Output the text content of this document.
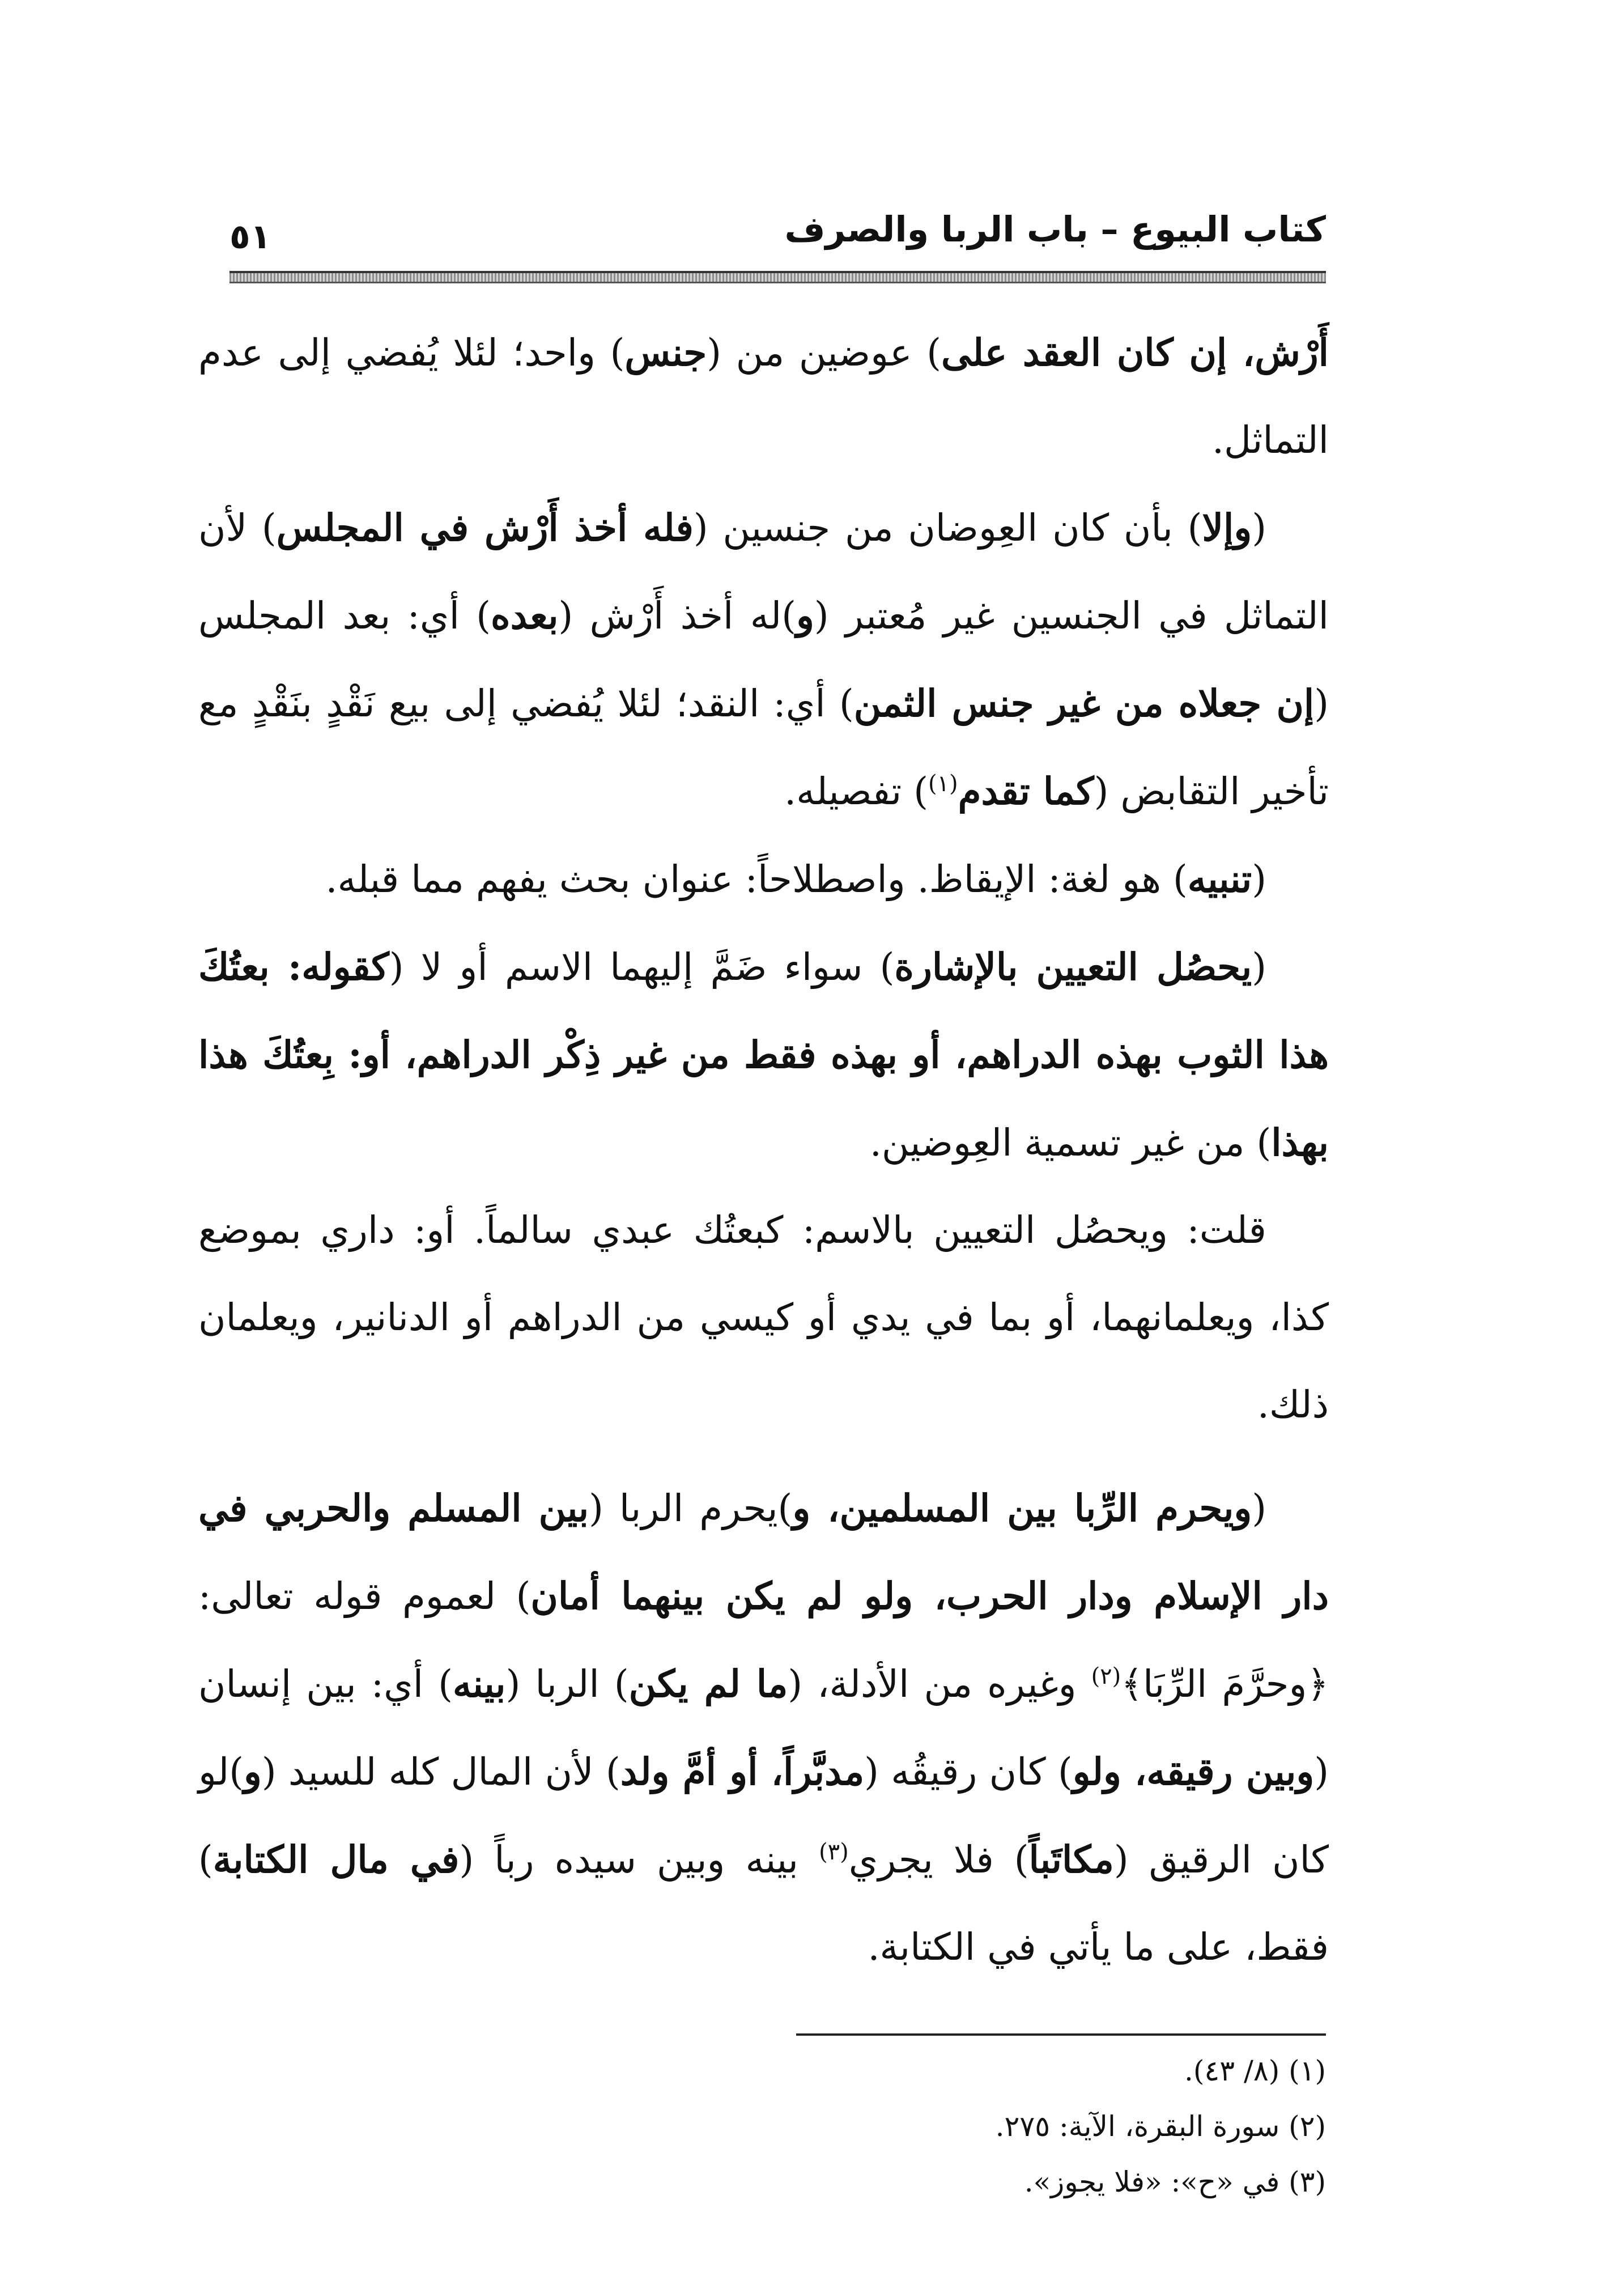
٥١	كتاب البيوع – باب الربا والصرف

أَرْش، إن كان العقد على) عوضين من (جنس) واحد؛ لئلا يُفضي إلى عدم التماثل.

(وإلا) بأن كان العِوضان من جنسين (فله أخذ أَرْش في المجلس) لأن التماثل في الجنسين غير مُعتبر (و)له أخذ أَرْش (بعده) أي: بعد المجلس (إن جعلاه من غير جنس الثمن) أي: النقد؛ لئلا يُفضي إلى بيع نَقْدٍ بنَقْدٍ مع تأخير التقابض (كما تقدم$^{(١)}$) تفصيله.

(تنبيه) هو لغة: الإيقاظ. واصطلاحاً: عنوان بحث يفهم مما قبله.

(يحصُل التعيين بالإشارة) سواء ضَمَّ إليهما الاسم أو لا (كقوله: بعتُكَ هذا الثوب بهذه الدراهم، أو بهذه فقط من غير ذِكْر الدراهم، أو: بِعتُكَ هذا بهذا) من غير تسمية العِوضين.

قلت: ويحصُل التعيين بالاسم: كبعتُك عبدي سالماً. أو: داري بموضع كذا، ويعلمانهما، أو بما في يدي أو كيسي من الدراهم أو الدنانير، ويعلمان ذلك.

(ويحرم الرِّبا بين المسلمين، و)يحرم الربا (بين المسلم والحربي في دار الإسلام ودار الحرب، ولو لم يكن بينهما أمان) لعموم قوله تعالى: ﴿وحرَّمَ الرِّبَا﴾$^{(٢)}$ وغيره من الأدلة، (ما لم يكن) الربا (بينه) أي: بين إنسان (وبين رقيقه، ولو) كان رقيقُه (مدبَّراً، أو أمَّ ولد) لأن المال كله للسيد (و)لو كان الرقيق (مكاتَباً) فلا يجري$^{(٣)}$ بينه وبين سيده رباً (في مال الكتابة) فقط، على ما يأتي في الكتابة.

(١) (٨/ ٤٣).

(٢) سورة البقرة، الآية: ٢٧٥.

(٣) في «ح»: «فلا يجوز».
